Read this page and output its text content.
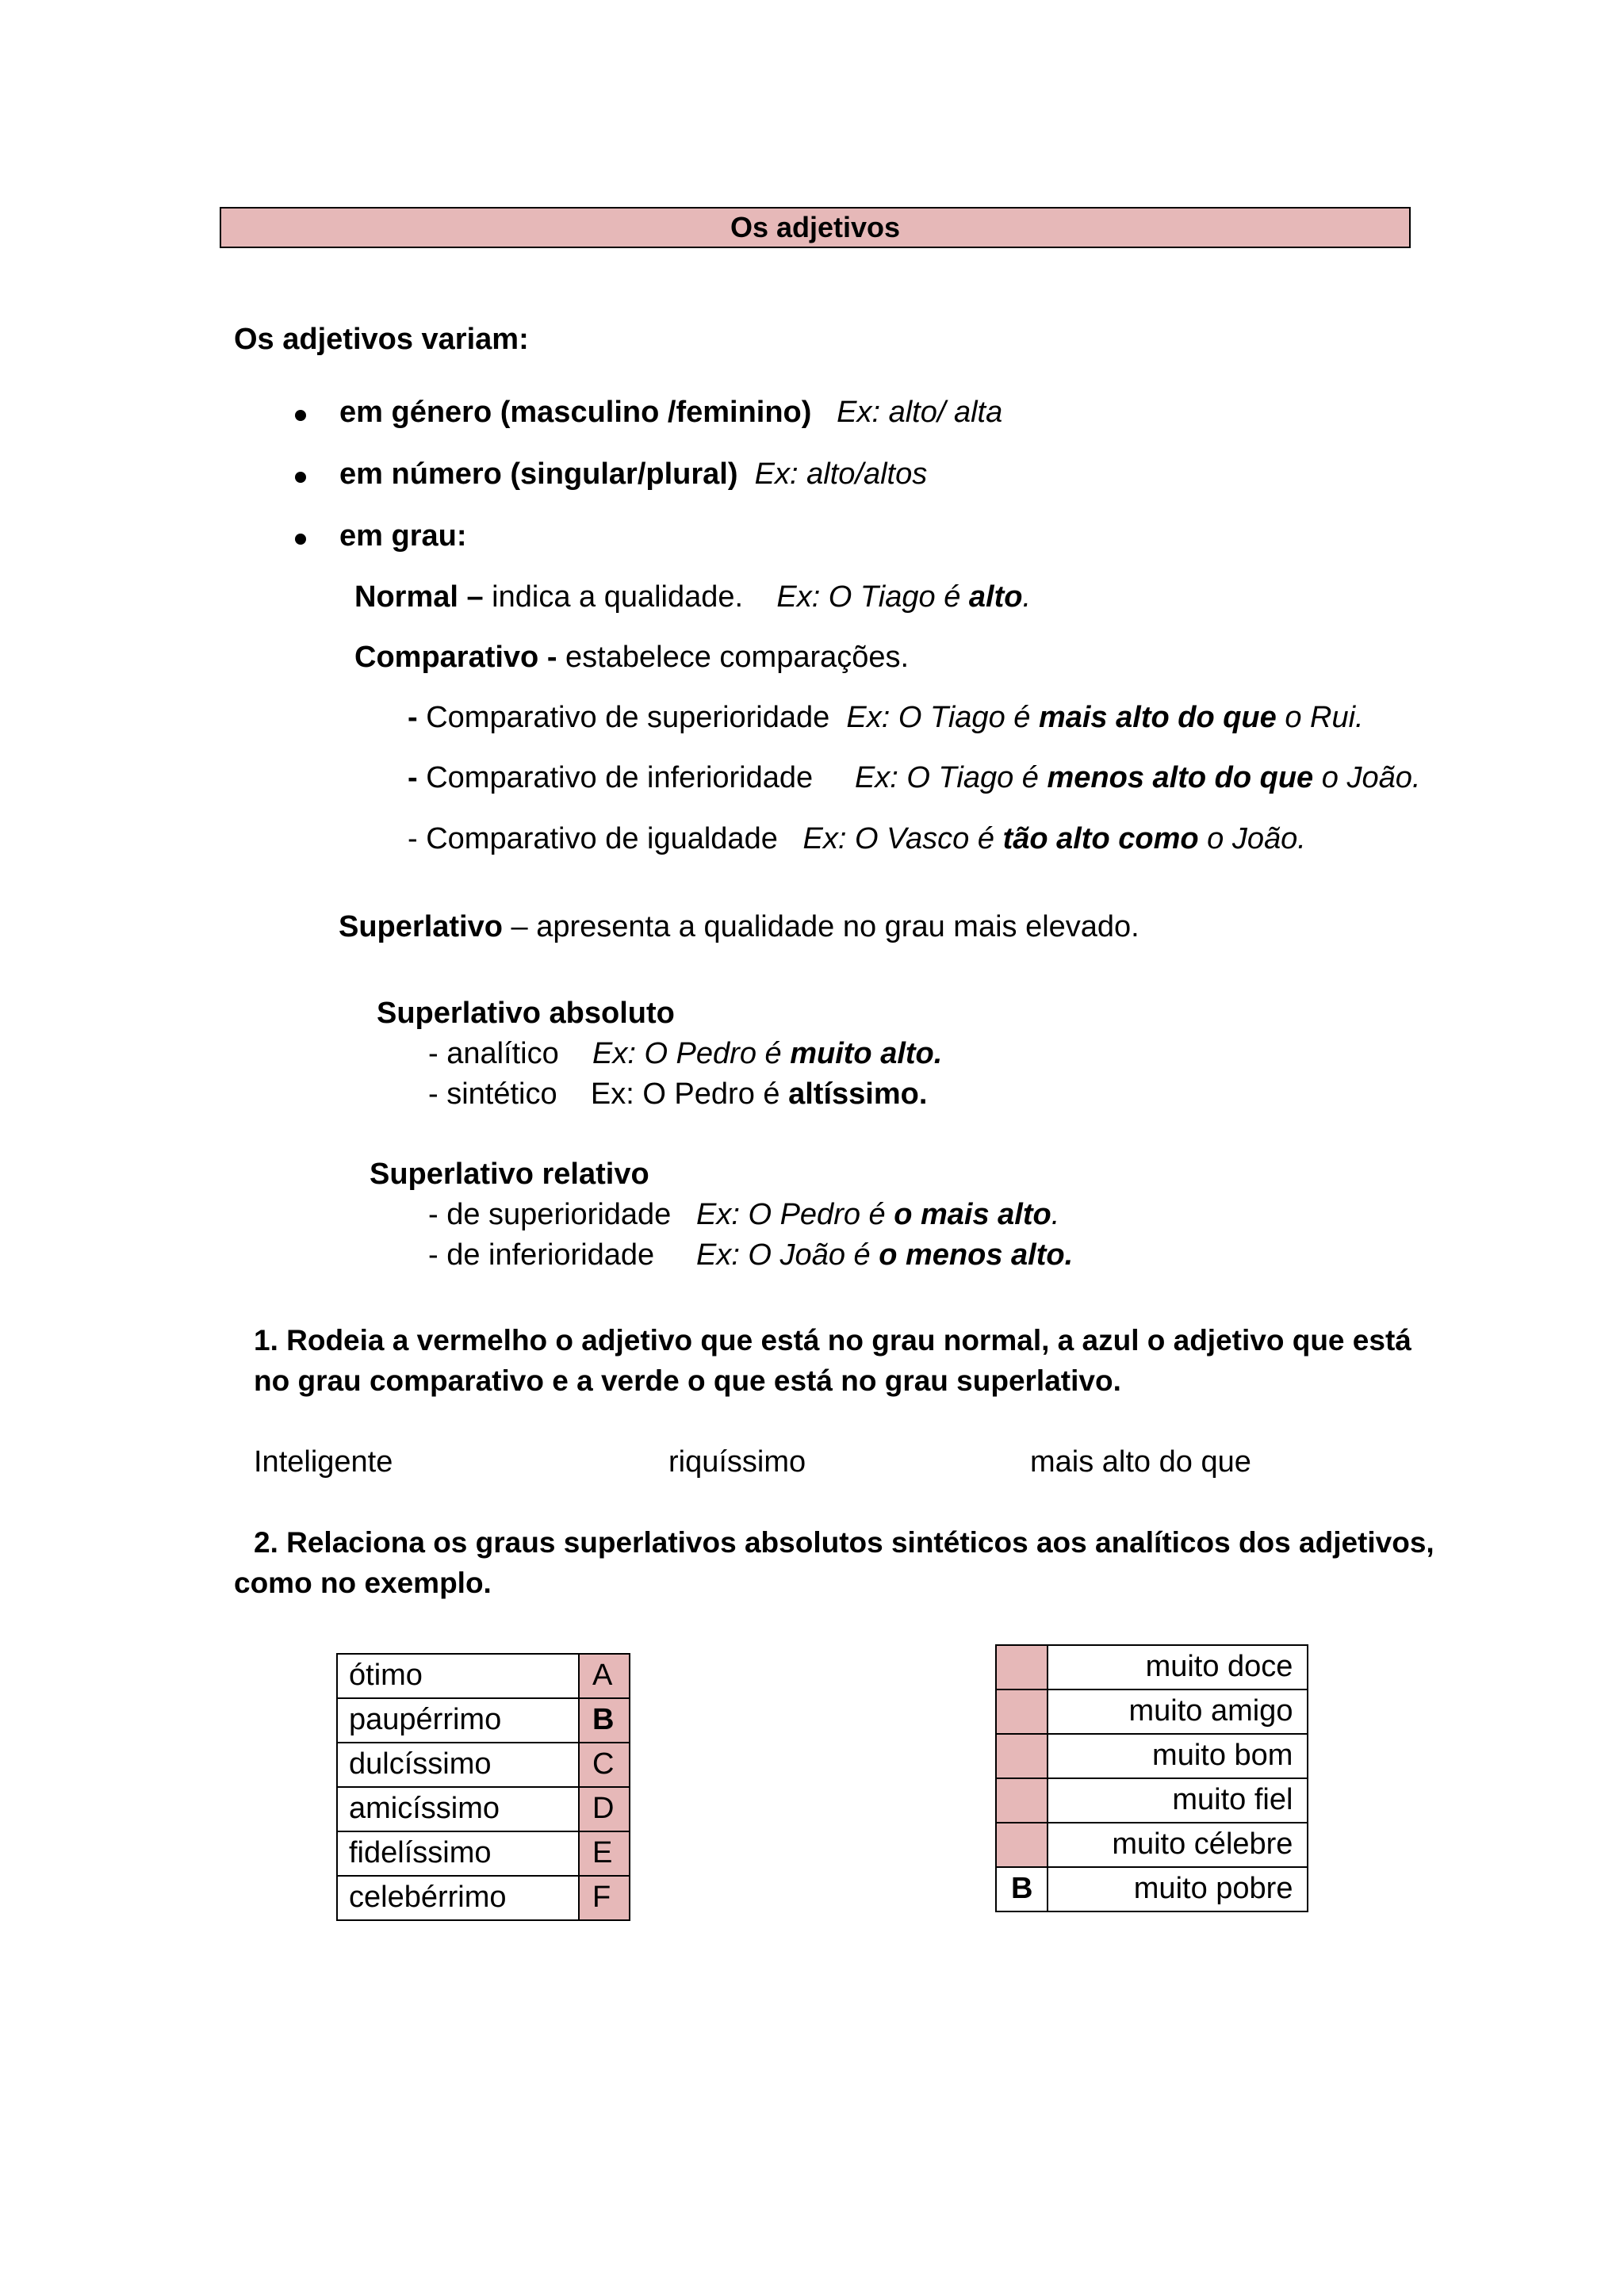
Os adjetivos
Os adjetivos variam:
em género (masculino /feminino) Ex: alto/ alta
em número (singular/plural) Ex: alto/altos
em grau:
Normal – indica a qualidade. Ex: O Tiago é alto.
Comparativo - estabelece comparações.
- Comparativo de superioridade Ex: O Tiago é mais alto do que o Rui.
- Comparativo de inferioridade Ex: O Tiago é menos alto do que o João.
- Comparativo de igualdade Ex: O Vasco é tão alto como o João.
Superlativo – apresenta a qualidade no grau mais elevado.
Superlativo absoluto
- analítico Ex: O Pedro é muito alto.
- sintético Ex: O Pedro é altíssimo.
Superlativo relativo
- de superioridade Ex: O Pedro é o mais alto.
- de inferioridade Ex: O João é o menos alto.
1. Rodeia a vermelho o adjetivo que está no grau normal, a azul o adjetivo que está
no grau comparativo e a verde o que está no grau superlativo.
Inteligente	riquíssimo	mais alto do que
2. Relaciona os graus superlativos absolutos sintéticos aos analíticos dos adjetivos,
como no exemplo.
ótimo	A
paupérrimo	B
dulcíssimo	C
amicíssimo	D
fidelíssimo	E
celebérrimo	F
	muito doce
	muito amigo
	muito bom
	muito fiel
	muito célebre
B	muito pobre
